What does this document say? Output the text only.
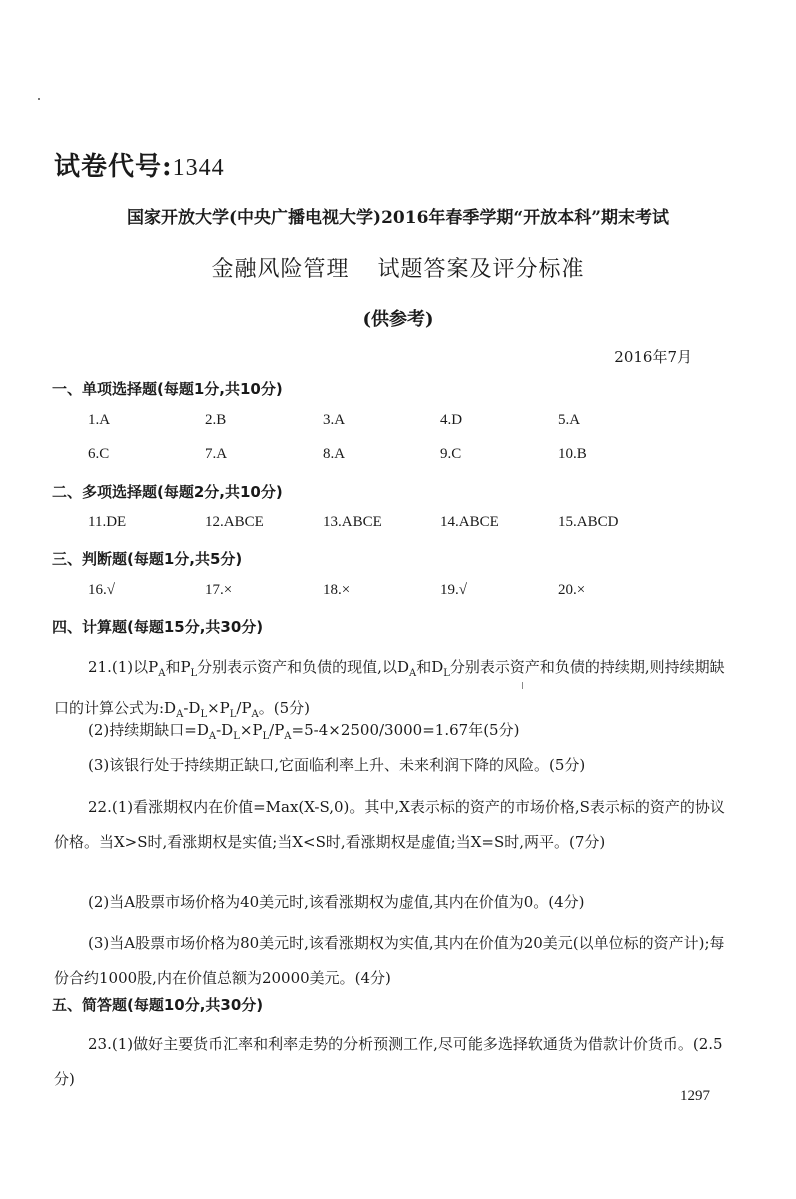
试卷代号:1344
国家开放大学(中央广播电视大学)2016年春季学期“开放本科”期末考试
金融风险管理 试题答案及评分标准
(供参考)
2016年7月
一、单项选择题(每题1分,共10分)
1.A	2.B	3.A	4.D	5.A
6.C	7.A	8.A	9.C	10.B
二、多项选择题(每题2分,共10分)
11.DE	12.ABCE	13.ABCE	14.ABCE	15.ABCD
三、判断题(每题1分,共5分)
16.√	17.×	18.×	19.√	20.×
四、计算题(每题15分,共30分)
21.(1)以$P_A$和$P_L$分别表示资产和负债的现值,以$D_A$和$D_L$分别表示资产和负债的持续期,则持续期缺口的计算公式为$:D_A-D_L\times P_L/P_A$。(5分)
(2)持续期缺口$=D_A-D_L\times P_L/P_A=5-4\times 2500/3000=1.67$年(5分)
(3)该银行处于持续期正缺口,它面临利率上升、未来利润下降的风险。(5分)
22.(1)看涨期权内在价值=Max(X-S,0)。其中,X表示标的资产的市场价格,S表示标的资产的协议价格。当X>S时,看涨期权是实值;当X<S时,看涨期权是虚值;当X=S时,两平。(7分)
(2)当A股票市场价格为40美元时,该看涨期权为虚值,其内在价值为0。(4分)
(3)当A股票市场价格为80美元时,该看涨期权为实值,其内在价值为20美元(以单位标的资产计);每份合约1000股,内在价值总额为20000美元。(4分)
五、简答题(每题10分,共30分)
23.(1)做好主要货币汇率和利率走势的分析预测工作,尽可能多选择软通货为借款计价货币。(2.5分)
1297
